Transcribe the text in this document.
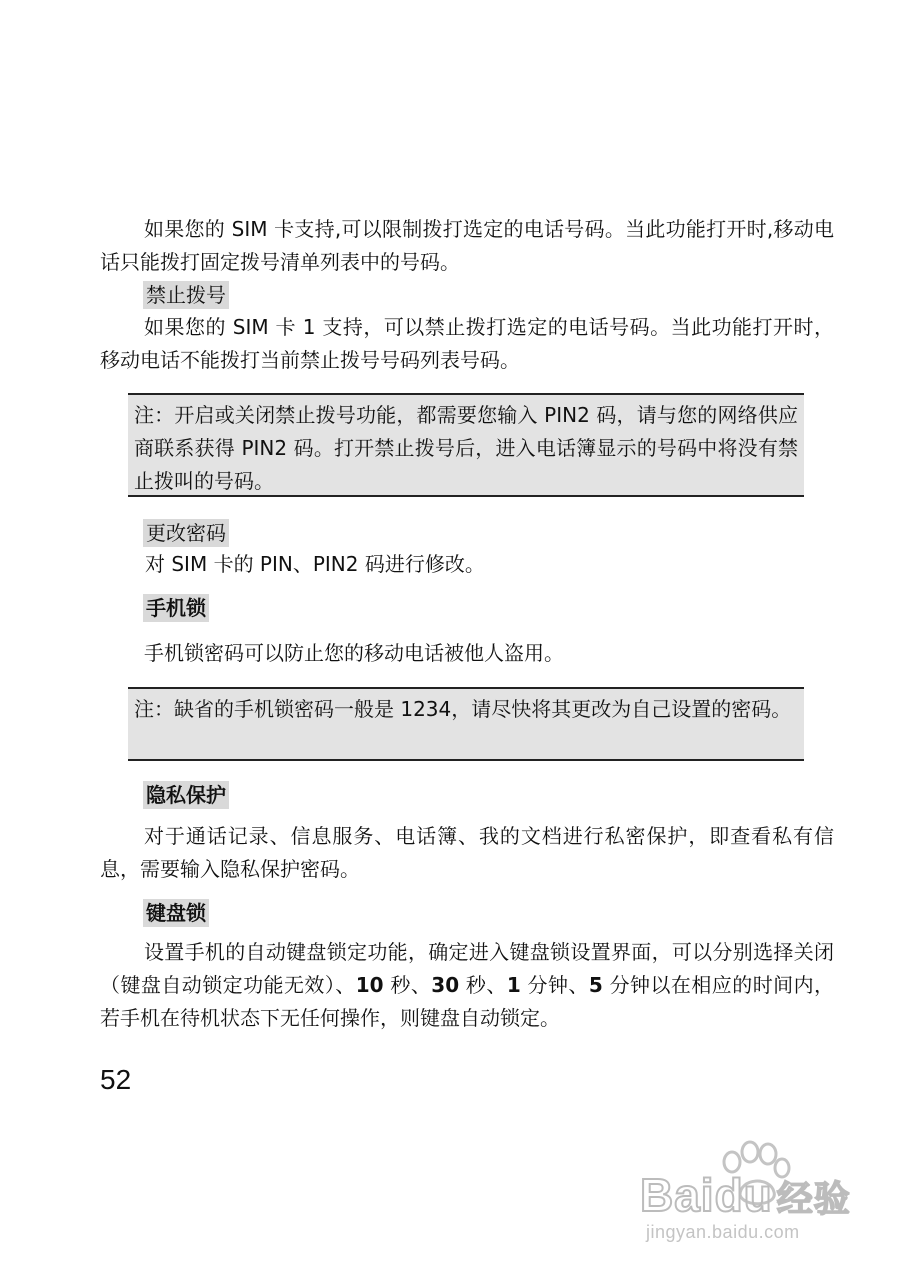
如果您的 SIM 卡支持,可以限制拨打选定的电话号码。当此功能打开时,移动电话只能拨打固定拨号清单列表中的号码。

禁止拨号

如果您的 SIM 卡 1 支持，可以禁止拨打选定的电话号码。当此功能打开时，移动电话不能拨打当前禁止拨号号码列表号码。

注：开启或关闭禁止拨号功能，都需要您输入 PIN2 码，请与您的网络供应商联系获得 PIN2 码。打开禁止拨号后，进入电话簿显示的号码中将没有禁止拨叫的号码。

更改密码

对 SIM 卡的 PIN、PIN2 码进行修改。

手机锁

手机锁密码可以防止您的移动电话被他人盗用。

注：缺省的手机锁密码一般是 1234，请尽快将其更改为自己设置的密码。

隐私保护

对于通话记录、信息服务、电话簿、我的文档进行私密保护，即查看私有信息，需要输入隐私保护密码。

键盘锁

设置手机的自动键盘锁定功能，确定进入键盘锁设置界面，可以分别选择关闭（键盘自动锁定功能无效）、10 秒、30 秒、1 分钟、5 分钟以在相应的时间内，若手机在待机状态下无任何操作，则键盘自动锁定。

52

Baidu 经验
jingyan.baidu.com
